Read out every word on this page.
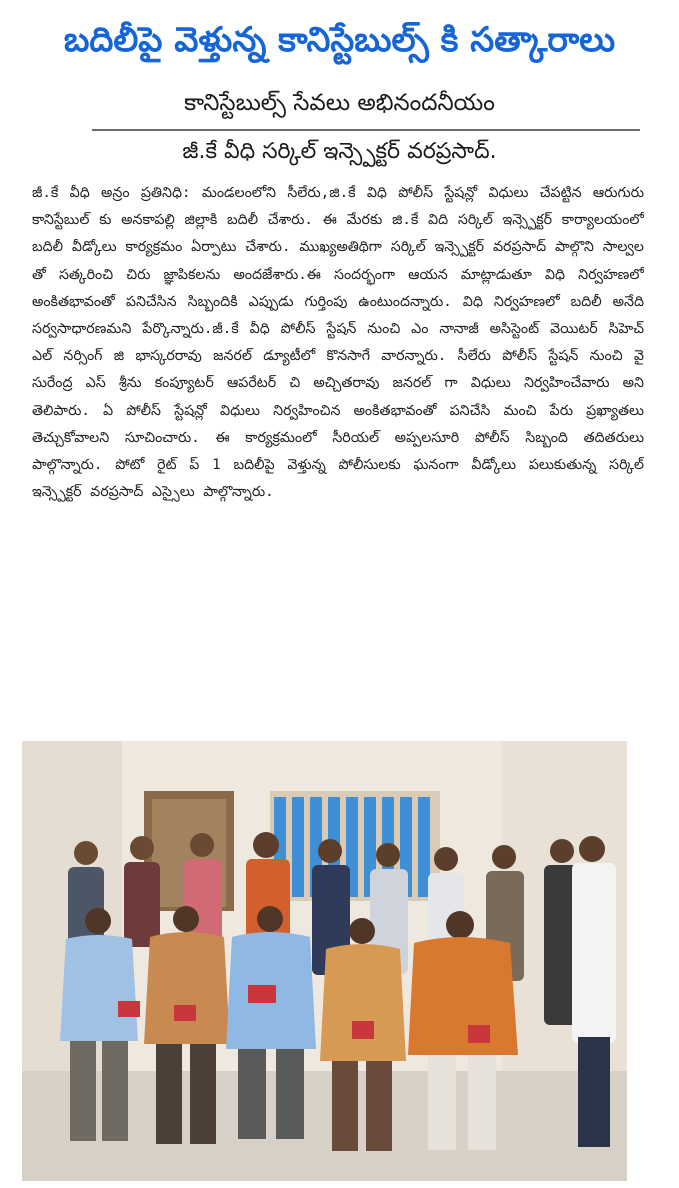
బదిలీపై వెళ్తున్న కానిస్టేబుల్స్ కి సత్కారాలు
కానిస్టేబుల్స్ సేవలు అభినందనీయం
జీ.కే వీధి సర్కిల్ ఇన్స్పెక్టర్ వరప్రసాద్.
జీ.కే వీధి అన్రం ప్రతినిధి: మండలంలోని సీలేరు,జి.కే విధి పోలీస్ స్టేషన్లో విధులు చేపట్టిన ఆరుగురు కానిస్టేబుల్ కు అనకాపల్లి జిల్లాకి బదిలీ చేశారు. ఈ మేరకు జి.కే విది సర్కిల్ ఇన్స్పెక్టర్ కార్యాలయంలో బదిలీ వీడ్కోలు కార్యక్రమం ఏర్పాటు చేశారు. ముఖ్యఅతిథిగా సర్కిల్ ఇన్స్పెక్టర్ వరప్రసాద్ పాల్గొని సాల్వల తో సత్కరించి చిరు జ్ఞాపికలను అందజేశారు.ఈ సందర్భంగా ఆయన మాట్లాడుతూ విధి నిర్వహణలో అంకితభావంతో పనిచేసిన సిబ్బందికి ఎప్పుడు గుర్తింపు ఉంటుందన్నారు. విధి నిర్వహణలో బదిలీ అనేది సర్వసాధారణమని పేర్కొన్నారు.జీ.కే వీధి పోలీస్ స్టేషన్ నుంచి ఎం నానాజీ అసిస్టెంట్ వెయిటర్ సిహెచ్ ఎల్ నర్సింగ్ జి భాస్కరరావు జనరల్ డ్యూటీలో కొనసాగే వారన్నారు. సీలేరు పోలీస్ స్టేషన్ నుంచి వై సురేంద్ర ఎస్ శ్రీను కంప్యూటర్ ఆపరేటర్ చి అచ్చితరావు జనరల్ గా విధులు నిర్వహించేవారు అని తెలిపారు. ఏ పోలీస్ స్టేషన్లో విధులు నిర్వహించిన అంకితభావంతో పనిచేసి మంచి పేరు ప్రఖ్యాతలు తెచ్చుకోవాలని సూచించారు. ఈ కార్యక్రమంలో సీరియల్ అప్పలసూరి పోలీస్ సిబ్బంది తదితరులు పాల్గొన్నారు. పోటో రైట్ ప్ 1 బదిలీపై వెళ్తున్న పోలీసులకు ఘనంగా వీడ్కోలు పలుకుతున్న సర్కిల్ ఇన్స్పెక్టర్ వరప్రసాద్ ఎస్సైలు పాల్గొన్నారు.
